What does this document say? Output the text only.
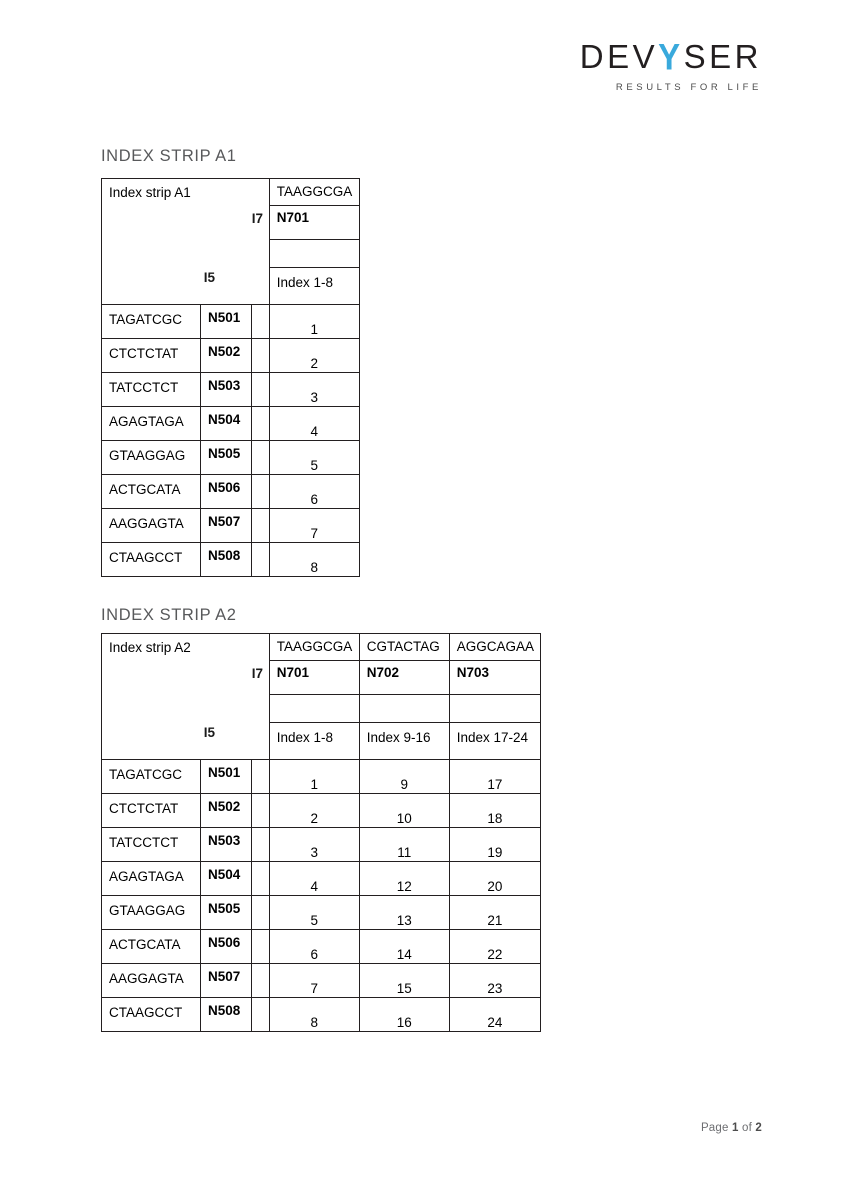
DEVYSER
RESULTS FOR LIFE
INDEX STRIP A1
Index strip A1			TAAGGCGA

			N701

			Index 1-8

TAGATCGC	N501		1

CTCTCTAT	N502		2

TATCCTCT	N503		3

AGAGTAGA	N504		4

GTAAGGAG	N505		5

ACTGCATA	N506		6

AAGGAGTA	N507		7

CTAAGCCT	N508		8
I7
I5
INDEX STRIP A2
Index strip A2			TAAGGCGA	CGTACTAG	AGGCAGAA

			N701	N702	N703

			Index 1-8	Index 9-16	Index 17-24

TAGATCGC	N501		1	9	17

CTCTCTAT	N502		2	10	18

TATCCTCT	N503		3	11	19

AGAGTAGA	N504		4	12	20

GTAAGGAG	N505		5	13	21

ACTGCATA	N506		6	14	22

AAGGAGTA	N507		7	15	23

CTAAGCCT	N508		8	16	24
I7
I5
Page 1 of 2
